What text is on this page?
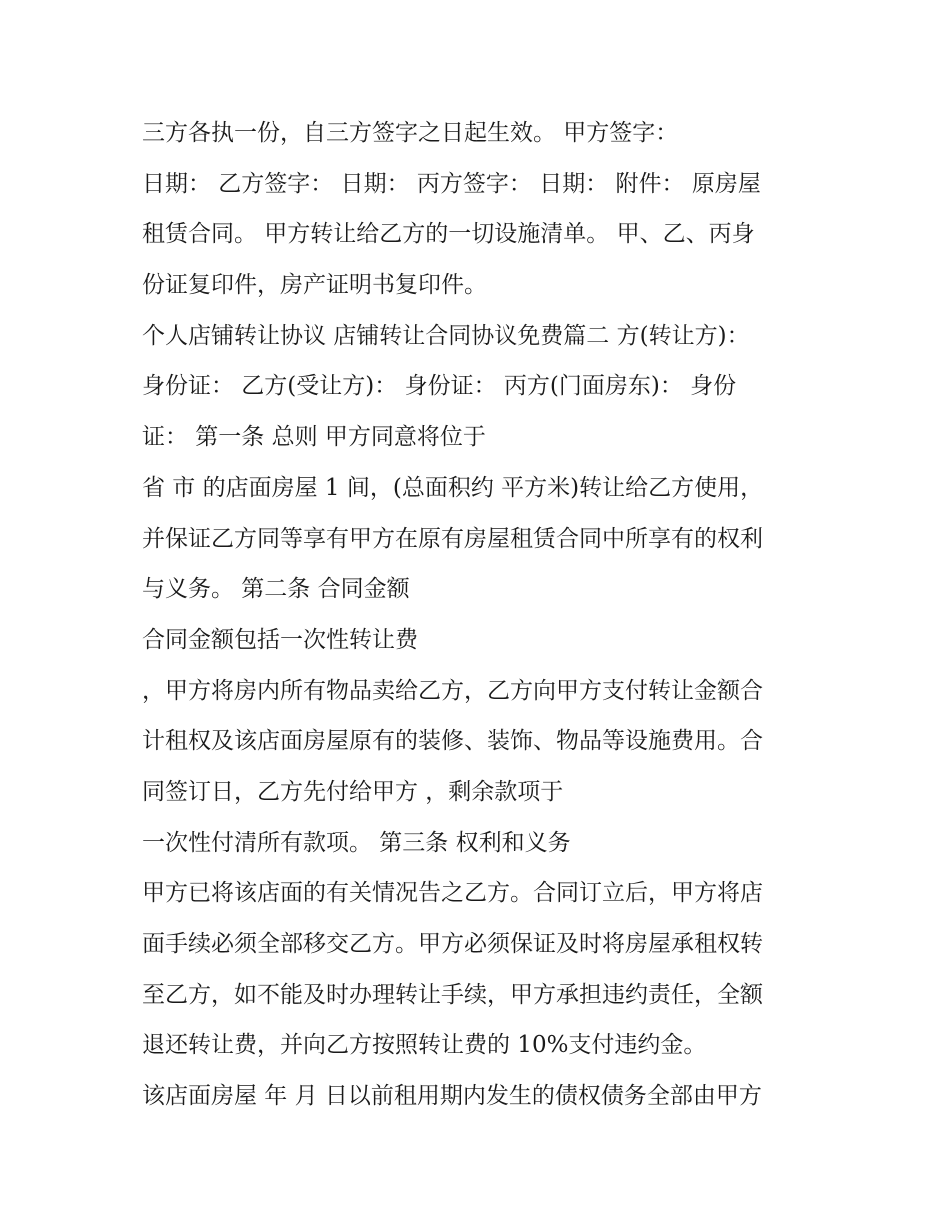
三方各执一份，自三方签字之日起生效。 甲方签字：

日期： 乙方签字： 日期： 丙方签字： 日期： 附件： 原房屋

租赁合同。 甲方转让给乙方的一切设施清单。 甲、乙、丙身

份证复印件，房产证明书复印件。

个人店铺转让协议 店铺转让合同协议免费篇二 方(转让方)：

身份证： 乙方(受让方)： 身份证： 丙方(门面房东)： 身份

证： 第一条 总则 甲方同意将位于

省 市 的店面房屋 1 间，(总面积约 平方米)转让给乙方使用，

并保证乙方同等享有甲方在原有房屋租赁合同中所享有的权利

与义务。 第二条 合同金额

合同金额包括一次性转让费

，甲方将房内所有物品卖给乙方，乙方向甲方支付转让金额合

计租权及该店面房屋原有的装修、装饰、物品等设施费用。合

同签订日，乙方先付给甲方 ，剩余款项于

一次性付清所有款项。 第三条 权利和义务

甲方已将该店面的有关情况告之乙方。合同订立后，甲方将店

面手续必须全部移交乙方。甲方必须保证及时将房屋承租权转

至乙方，如不能及时办理转让手续，甲方承担违约责任，全额

退还转让费，并向乙方按照转让费的 10%支付违约金。

该店面房屋 年 月 日以前租用期内发生的债权债务全部由甲方
